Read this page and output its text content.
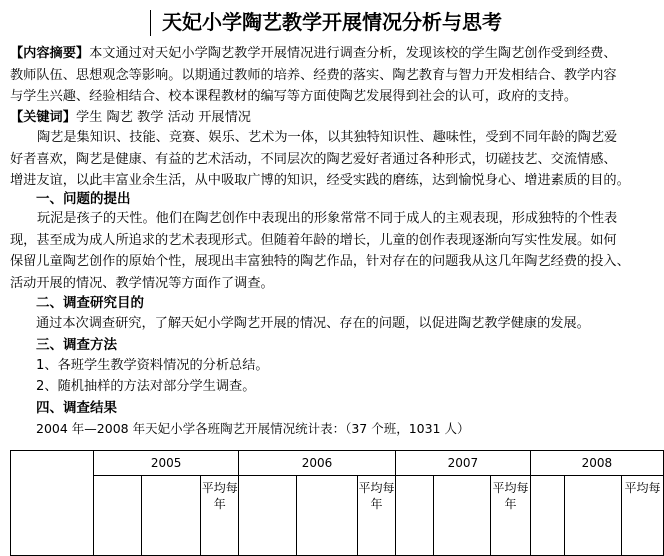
天妃小学陶艺教学开展情况分析与思考
【内容摘要】本文通过对天妃小学陶艺教学开展情况进行调查分析，发现该校的学生陶艺创作受到经费、
教师队伍、思想观念等影响。以期通过教师的培养、经费的落实、陶艺教育与智力开发相结合、教学内容
与学生兴趣、经验相结合、校本课程教材的编写等方面使陶艺发展得到社会的认可，政府的支持。
【关键词】学生 陶艺 教学 活动 开展情况
陶艺是集知识、技能、竞赛、娱乐、艺术为一体，以其独特知识性、趣味性，受到不同年龄的陶艺爱
好者喜欢，陶艺是健康、有益的艺术活动，不同层次的陶艺爱好者通过各种形式，切磋技艺、交流情感、
增进友谊，以此丰富业余生活，从中吸取广博的知识，经受实践的磨练，达到愉悦身心、增进素质的目的。
一、问题的提出
玩泥是孩子的天性。他们在陶艺创作中表现出的形象常常不同于成人的主观表现，形成独特的个性表
现，甚至成为成人所追求的艺术表现形式。但随着年龄的增长，儿童的创作表现逐渐向写实性发展。如何
保留儿童陶艺创作的原始个性，展现出丰富独特的陶艺作品，针对存在的问题我从这几年陶艺经费的投入、
活动开展的情况、教学情况等方面作了调查。
二、调查研究目的
通过本次调查研究，了解天妃小学陶艺开展的情况、存在的问题，以促进陶艺教学健康的发展。
三、调查方法
1、各班学生教学资料情况的分析总结。
2、随机抽样的方法对部分学生调查。
四、调查结果
2004 年—2008 年天妃小学各班陶艺开展情况统计表：（37 个班，1031 人）
	2005			2006			2007			2008		
			平均每年			平均每年			平均每年			平均每
